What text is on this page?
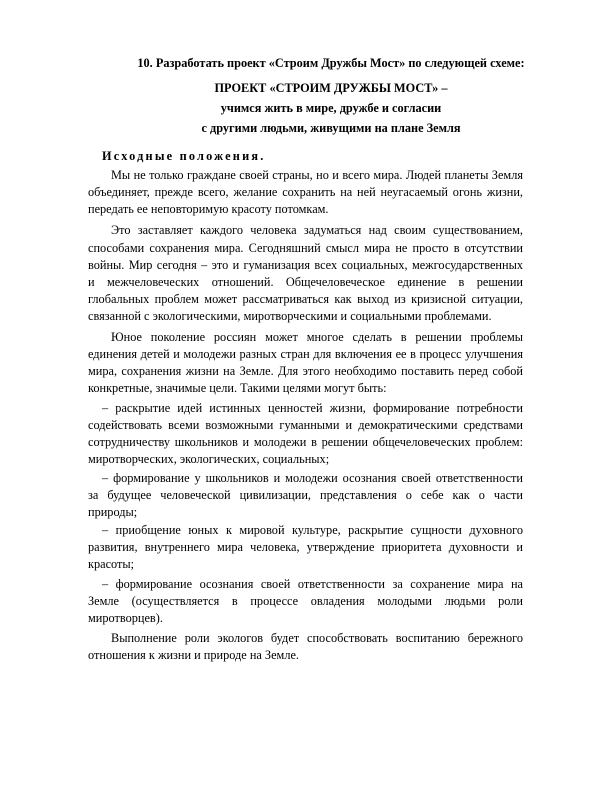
10. Разработать проект «Строим Дружбы Мост» по следующей схеме:
ПРОЕКТ «СТРОИМ ДРУЖБЫ МОСТ» –
учимся жить в мире, дружбе и согласии
с другими людьми, живущими на плане Земля
Исходные положения.
Мы не только граждане своей страны, но и всего мира. Людей планеты Земля
объединяет, прежде всего, желание сохранить на ней неугасаемый огонь жизни,
передать ее неповторимую красоту потомкам.
Это заставляет каждого человека задуматься над своим существованием,
способами сохранения мира. Сегодняшний смысл мира не просто в отсутствии
войны. Мир сегодня – это и гуманизация всех социальных, межгосударственных
и межчеловеческих отношений. Общечеловеческое единение в решении
глобальных проблем может рассматриваться как выход из кризисной ситуации,
связанной с экологическими, миротворческими и социальными проблемами.
Юное поколение россиян может многое сделать в решении проблемы
единения детей и молодежи разных стран для включения ее в процесс улучшения
мира, сохранения жизни на Земле. Для этого необходимо поставить перед собой
конкретные, значимые цели. Такими целями могут быть:
– раскрытие идей истинных ценностей жизни, формирование потребности
содействовать всеми возможными гуманными и демократическими средствами
сотрудничеству школьников и молодежи в решении общечеловеческих проблем:
миротворческих, экологических, социальных;
– формирование у школьников и молодежи осознания своей ответственности
за будущее человеческой цивилизации, представления о себе как о части
природы;
– приобщение юных к мировой культуре, раскрытие сущности духовного
развития, внутреннего мира человека, утверждение приоритета духовности и
красоты;
– формирование осознания своей ответственности за сохранение мира на
Земле (осуществляется в процессе овладения молодыми людьми роли
миротворцев).
Выполнение роли экологов будет способствовать воспитанию бережного
отношения к жизни и природе на Земле.
